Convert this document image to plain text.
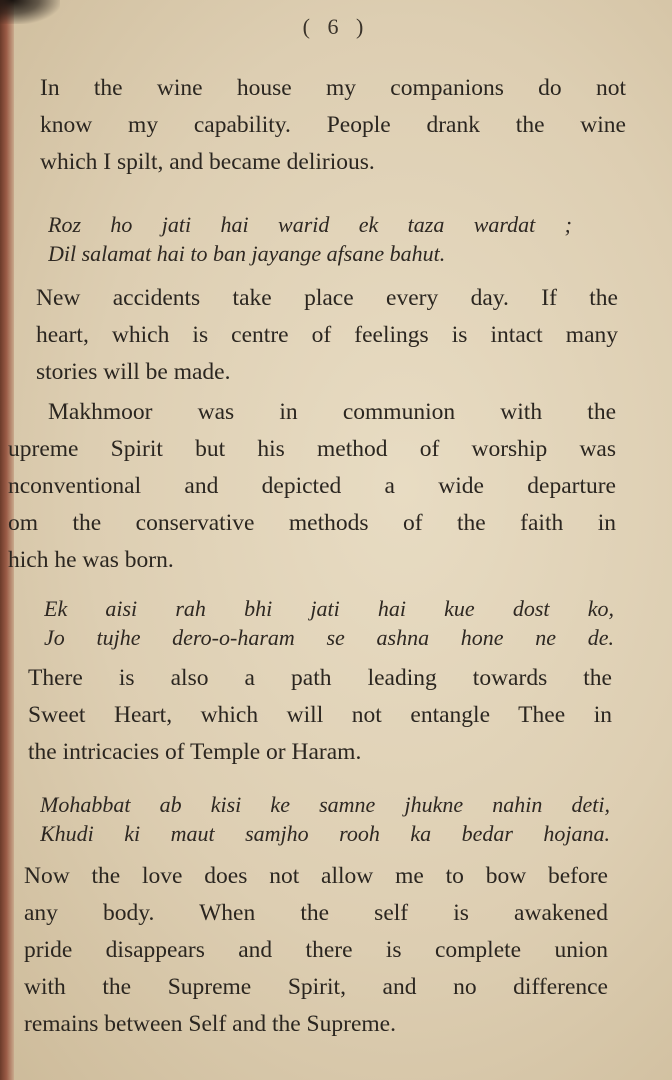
( 6 )
In the wine house my companions do not
know my capability. People drank the wine
which I spilt, and became delirious.
Roz ho jati hai warid ek taza wardat ;
Dil salamat hai to ban jayange afsane bahut.
New accidents take place every day. If the
heart, which is centre of feelings is intact many
stories will be made.
Makhmoor was in communion with the
upreme Spirit but his method of worship was
nconventional and depicted a wide departure
om the conservative methods of the faith in
hich he was born.
Ek aisi rah bhi jati hai kue dost ko,
Jo tujhe dero-o-haram se ashna hone ne de.
There is also a path leading towards the
Sweet Heart, which will not entangle Thee in
the intricacies of Temple or Haram.
Mohabbat ab kisi ke samne jhukne nahin deti,
Khudi ki maut samjho rooh ka bedar hojana.
Now the love does not allow me to bow before
any body. When the self is awakened
pride disappears and there is complete union
with the Supreme Spirit, and no difference
remains between Self and the Supreme.
